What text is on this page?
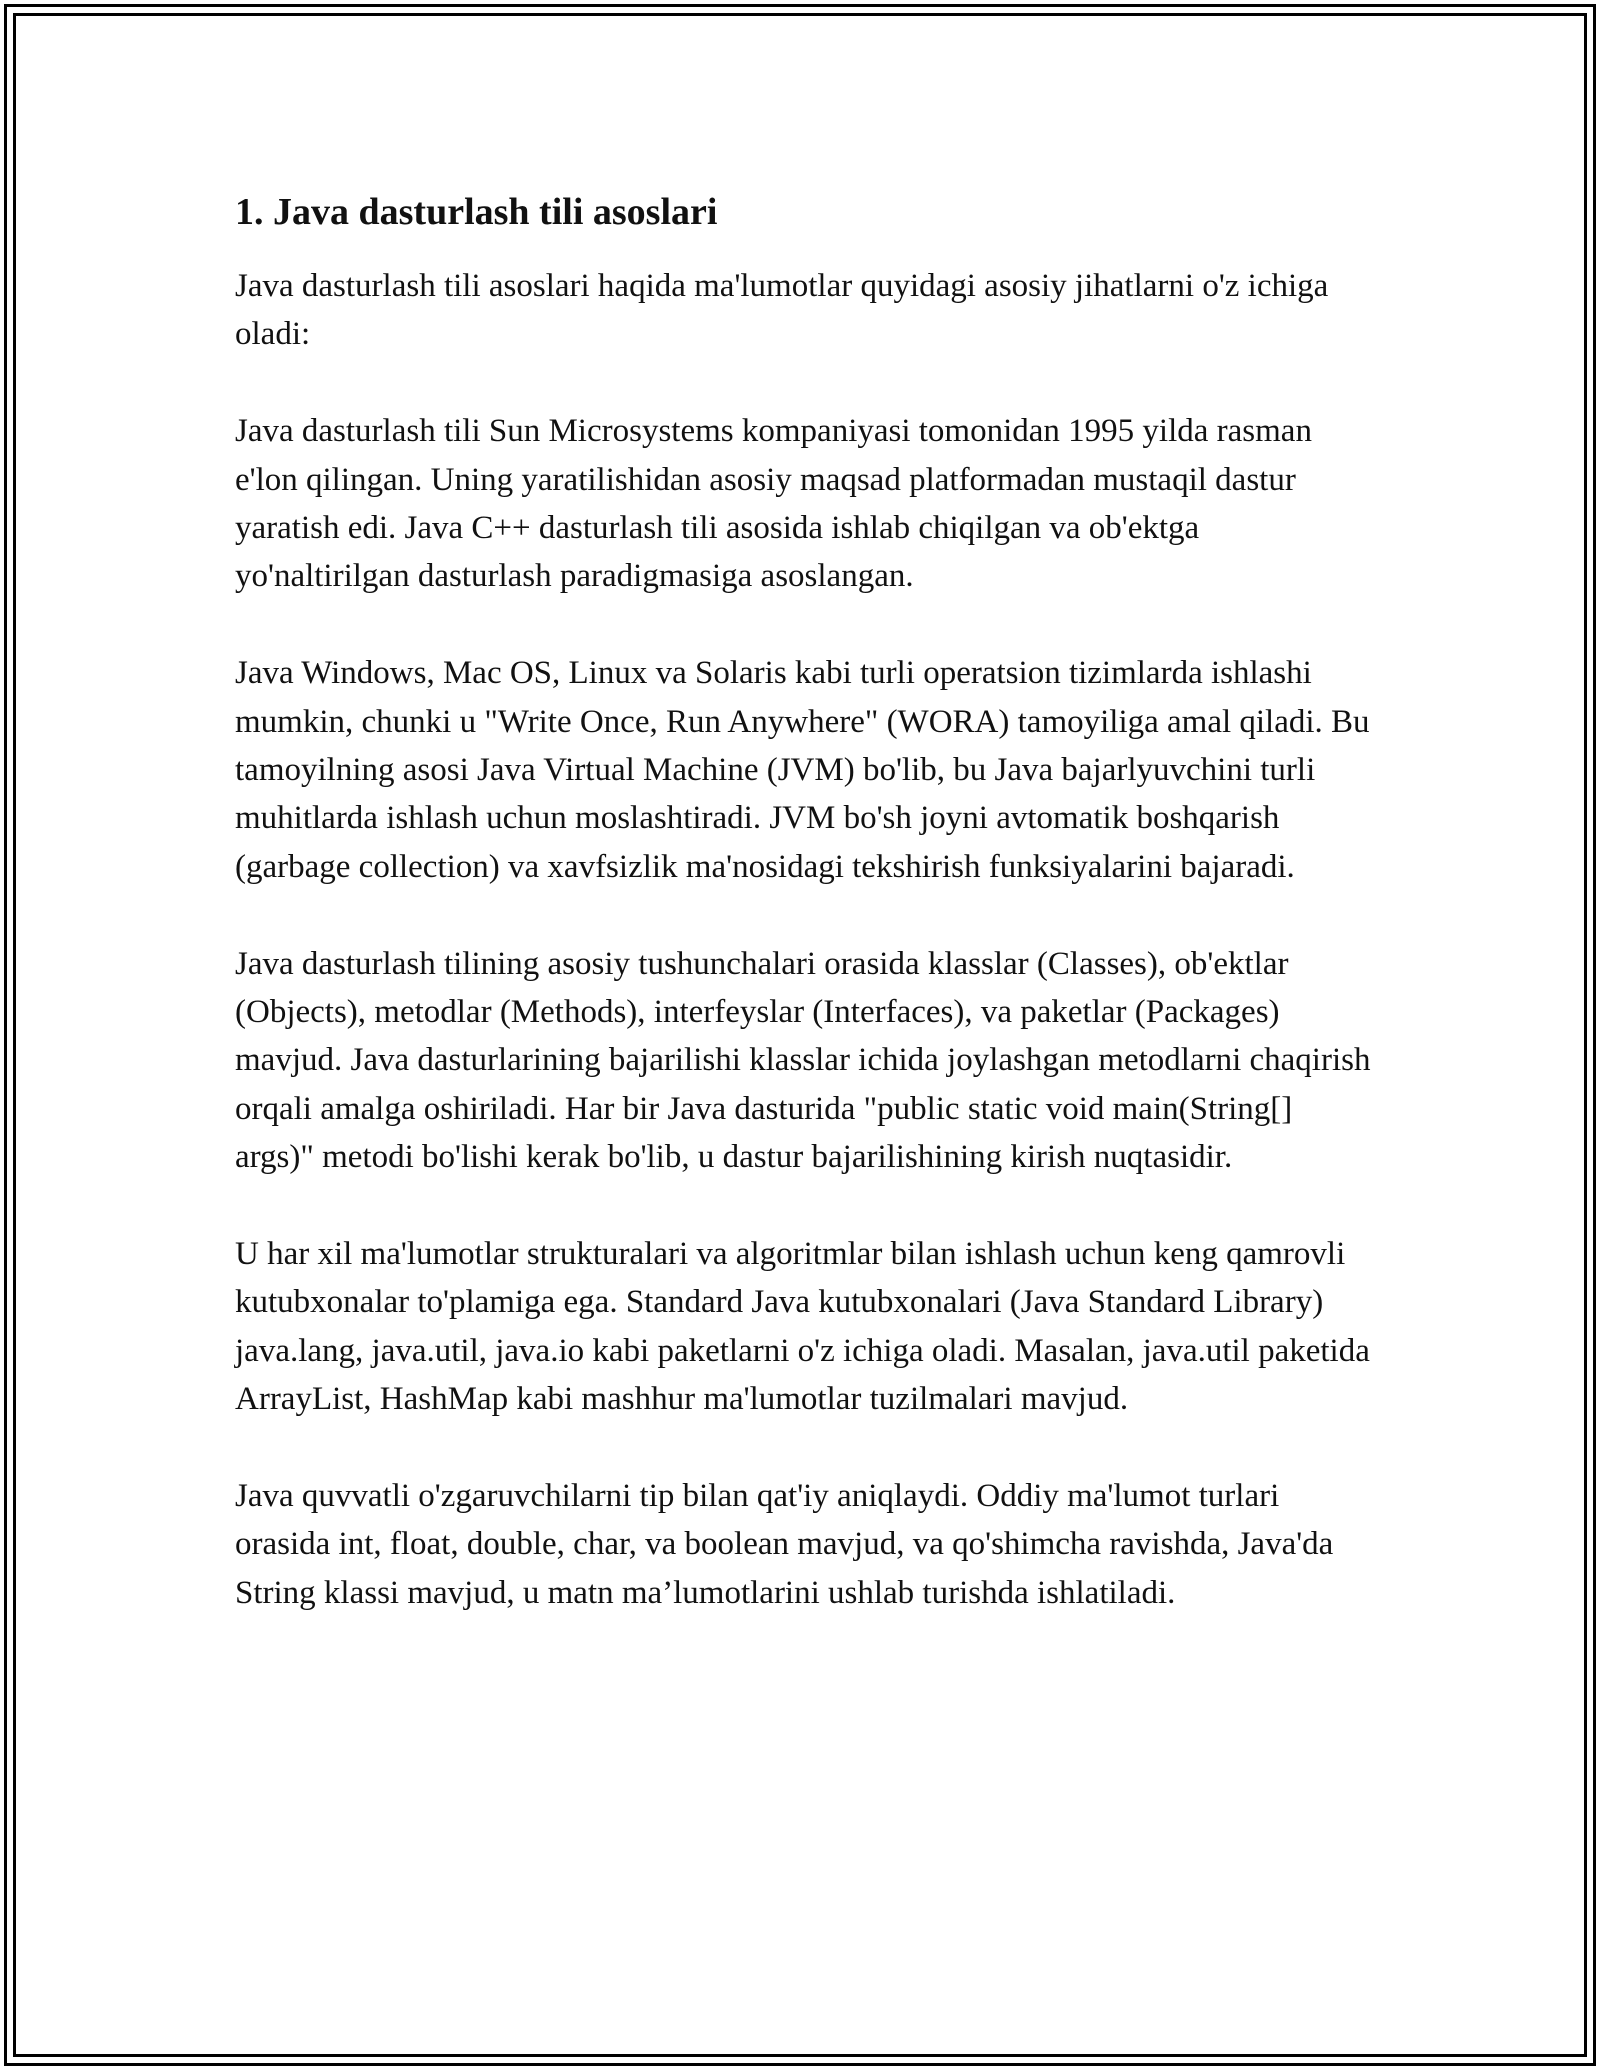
1. Java dasturlash tili asoslari

Java dasturlash tili asoslari haqida ma'lumotlar quyidagi asosiy jihatlarni o'z ichiga oladi:

Java dasturlash tili Sun Microsystems kompaniyasi tomonidan 1995 yilda rasman e'lon qilingan. Uning yaratilishidan asosiy maqsad platformadan mustaqil dastur yaratish edi. Java C++ dasturlash tili asosida ishlab chiqilgan va ob'ektga yo'naltirilgan dasturlash paradigmasiga asoslangan.

Java Windows, Mac OS, Linux va Solaris kabi turli operatsion tizimlarda ishlashi mumkin, chunki u "Write Once, Run Anywhere" (WORA) tamoyiliga amal qiladi. Bu tamoyilning asosi Java Virtual Machine (JVM) bo'lib, bu Java bajarlyuvchini turli muhitlarda ishlash uchun moslashtiradi. JVM bo'sh joyni avtomatik boshqarish (garbage collection) va xavfsizlik ma'nosidagi tekshirish funksiyalarini bajaradi.

Java dasturlash tilining asosiy tushunchalari orasida klasslar (Classes), ob'ektlar (Objects), metodlar (Methods), interfeyslar (Interfaces), va paketlar (Packages) mavjud. Java dasturlarining bajarilishi klasslar ichida joylashgan metodlarni chaqirish orqali amalga oshiriladi. Har bir Java dasturida "public static void main(String[] args)" metodi bo'lishi kerak bo'lib, u dastur bajarilishining kirish nuqtasidir.

U har xil ma'lumotlar strukturalari va algoritmlar bilan ishlash uchun keng qamrovli kutubxonalar to'plamiga ega. Standard Java kutubxonalari (Java Standard Library) java.lang, java.util, java.io kabi paketlarni o'z ichiga oladi. Masalan, java.util paketida ArrayList, HashMap kabi mashhur ma'lumotlar tuzilmalari mavjud.

Java quvvatli o'zgaruvchilarni tip bilan qat'iy aniqlaydi. Oddiy ma'lumot turlari orasida int, float, double, char, va boolean mavjud, va qo'shimcha ravishda, Java'da String klassi mavjud, u matn ma’lumotlarini ushlab turishda ishlatiladi.
